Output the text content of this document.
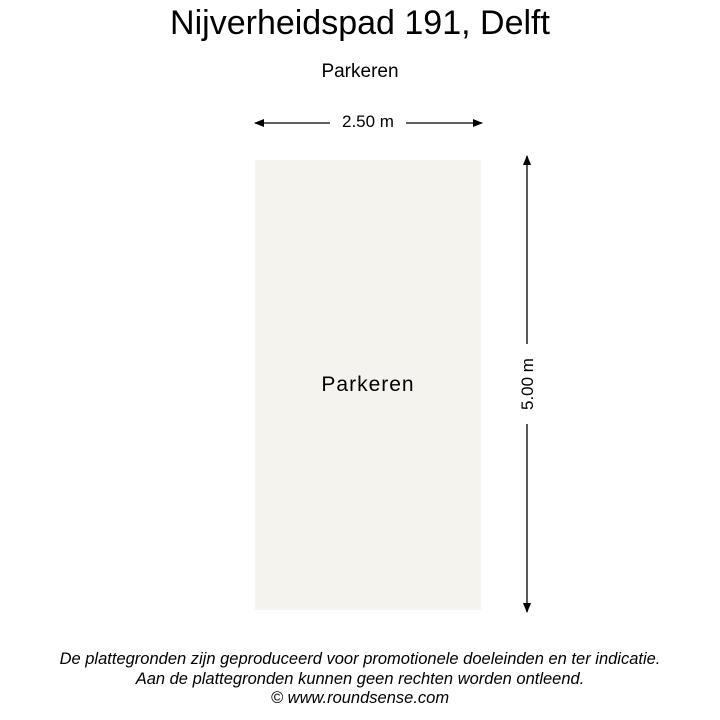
Nijverheidspad 191, Delft
Parkeren
2.50 m
5.00 m
Parkeren
De plattegronden zijn geproduceerd voor promotionele doeleinden en ter indicatie.
Aan de plattegronden kunnen geen rechten worden ontleend.
© www.roundsense.com
